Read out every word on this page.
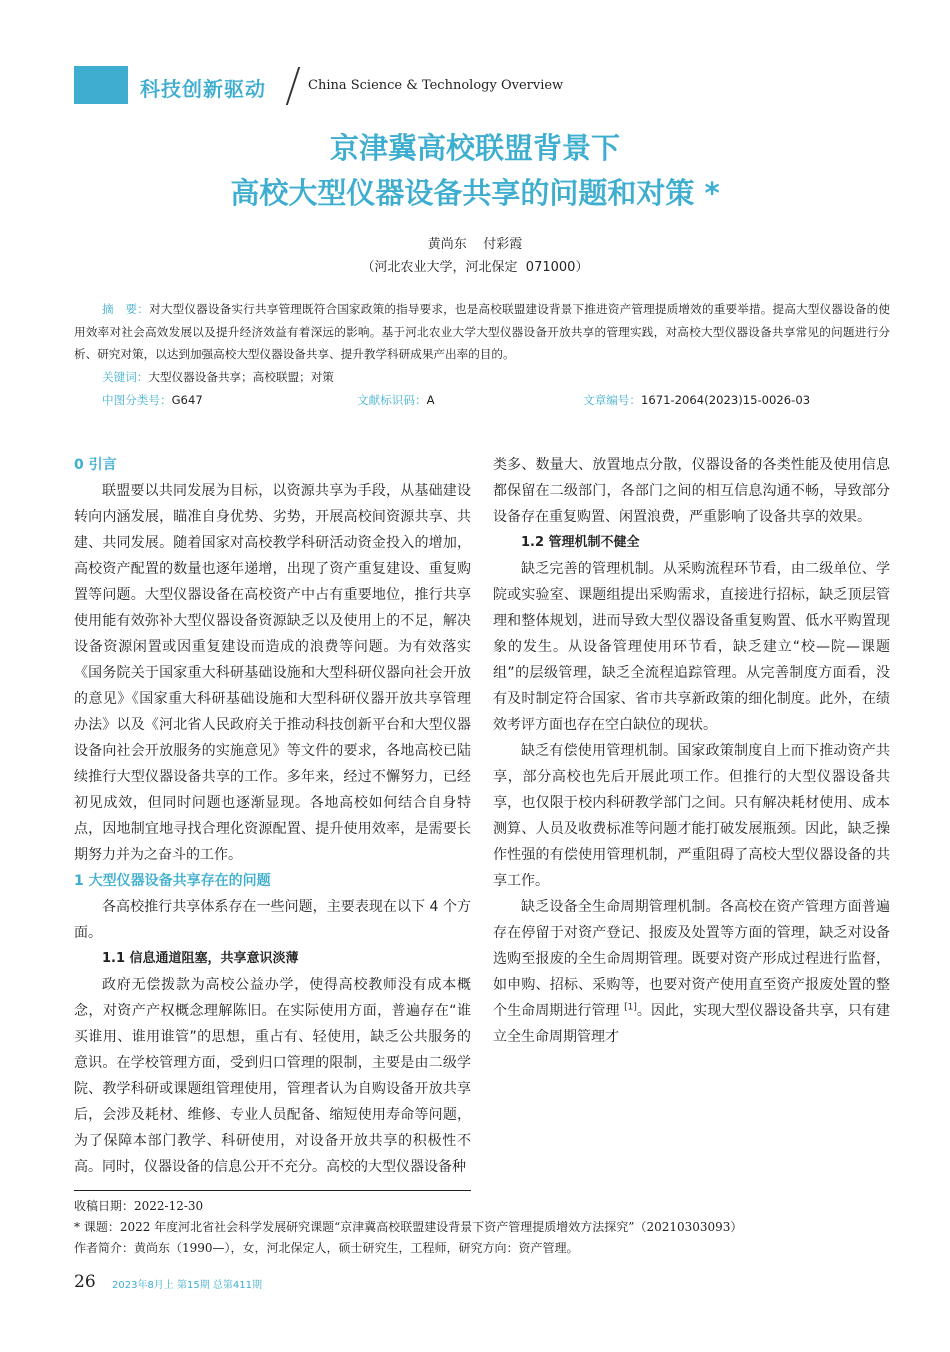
科技创新驱动	China Science & Technology Overview
京津冀高校联盟背景下
高校大型仪器设备共享的问题和对策 *
黄尚东    付彩霞
（河北农业大学，河北保定  071000）

摘　要：对大型仪器设备实行共享管理既符合国家政策的指导要求，也是高校联盟建设背景下推进资产管理提质增效的重要举措。提高大型仪器设备的使用效率对社会高效发展以及提升经济效益有着深远的影响。基于河北农业大学大型仪器设备开放共享的管理实践，对高校大型仪器设备共享常见的问题进行分析、研究对策，以达到加强高校大型仪器设备共享、提升教学科研成果产出率的目的。

关键词：大型仪器设备共享；高校联盟；对策

中图分类号：G647	文献标识码：A	文章编号：1671-2064(2023)15-0026-03
0 引言

联盟要以共同发展为目标，以资源共享为手段，从基础建设转向内涵发展，瞄准自身优势、劣势，开展高校间资源共享、共建、共同发展。随着国家对高校教学科研活动资金投入的增加，高校资产配置的数量也逐年递增，出现了资产重复建设、重复购置等问题。大型仪器设备在高校资产中占有重要地位，推行共享使用能有效弥补大型仪器设备资源缺乏以及使用上的不足，解决设备资源闲置或因重复建设而造成的浪费等问题。为有效落实《国务院关于国家重大科研基础设施和大型科研仪器向社会开放的意见》《国家重大科研基础设施和大型科研仪器开放共享管理办法》以及《河北省人民政府关于推动科技创新平台和大型仪器设备向社会开放服务的实施意见》等文件的要求，各地高校已陆续推行大型仪器设备共享的工作。多年来，经过不懈努力，已经初见成效，但同时问题也逐渐显现。各地高校如何结合自身特点，因地制宜地寻找合理化资源配置、提升使用效率，是需要长期努力并为之奋斗的工作。

1 大型仪器设备共享存在的问题

各高校推行共享体系存在一些问题，主要表现在以下 4 个方面。

1.1 信息通道阻塞，共享意识淡薄

政府无偿拨款为高校公益办学，使得高校教师没有成本概念，对资产产权概念理解陈旧。在实际使用方面，普遍存在“谁买谁用、谁用谁管”的思想，重占有、轻使用，缺乏公共服务的意识。在学校管理方面，受到归口管理的限制，主要是由二级学院、教学科研或课题组管理使用，管理者认为自购设备开放共享后，会涉及耗材、维修、专业人员配备、缩短使用寿命等问题，为了保障本部门教学、科研使用，对设备开放共享的积极性不高。同时，仪器设备的信息公开不充分。高校的大型仪器设备种

类多、数量大、放置地点分散，仪器设备的各类性能及使用信息都保留在二级部门，各部门之间的相互信息沟通不畅，导致部分设备存在重复购置、闲置浪费，严重影响了设备共享的效果。

1.2 管理机制不健全

缺乏完善的管理机制。从采购流程环节看，由二级单位、学院或实验室、课题组提出采购需求，直接进行招标，缺乏顶层管理和整体规划，进而导致大型仪器设备重复购置、低水平购置现象的发生。从设备管理使用环节看，缺乏建立“校—院—课题组”的层级管理，缺乏全流程追踪管理。从完善制度方面看，没有及时制定符合国家、省市共享新政策的细化制度。此外，在绩效考评方面也存在空白缺位的现状。

缺乏有偿使用管理机制。国家政策制度自上而下推动资产共享，部分高校也先后开展此项工作。但推行的大型仪器设备共享，也仅限于校内科研教学部门之间。只有解决耗材使用、成本测算、人员及收费标准等问题才能打破发展瓶颈。因此，缺乏操作性强的有偿使用管理机制，严重阻碍了高校大型仪器设备的共享工作。

缺乏设备全生命周期管理机制。各高校在资产管理方面普遍存在停留于对资产登记、报废及处置等方面的管理，缺乏对设备选购至报废的全生命周期管理。既要对资产形成过程进行监督，如申购、招标、采购等，也要对资产使用直至资产报废处置的整个生命周期进行管理 [1]。因此，实现大型仪器设备共享，只有建立全生命周期管理才

收稿日期：2022-12-30

* 课题：2022 年度河北省社会科学发展研究课题“京津冀高校联盟建设背景下资产管理提质增效方法探究”（20210303093）

作者简介：黄尚东（1990—），女，河北保定人，硕士研究生，工程师，研究方向：资产管理。

26 2023年8月上 第15期 总第411期
